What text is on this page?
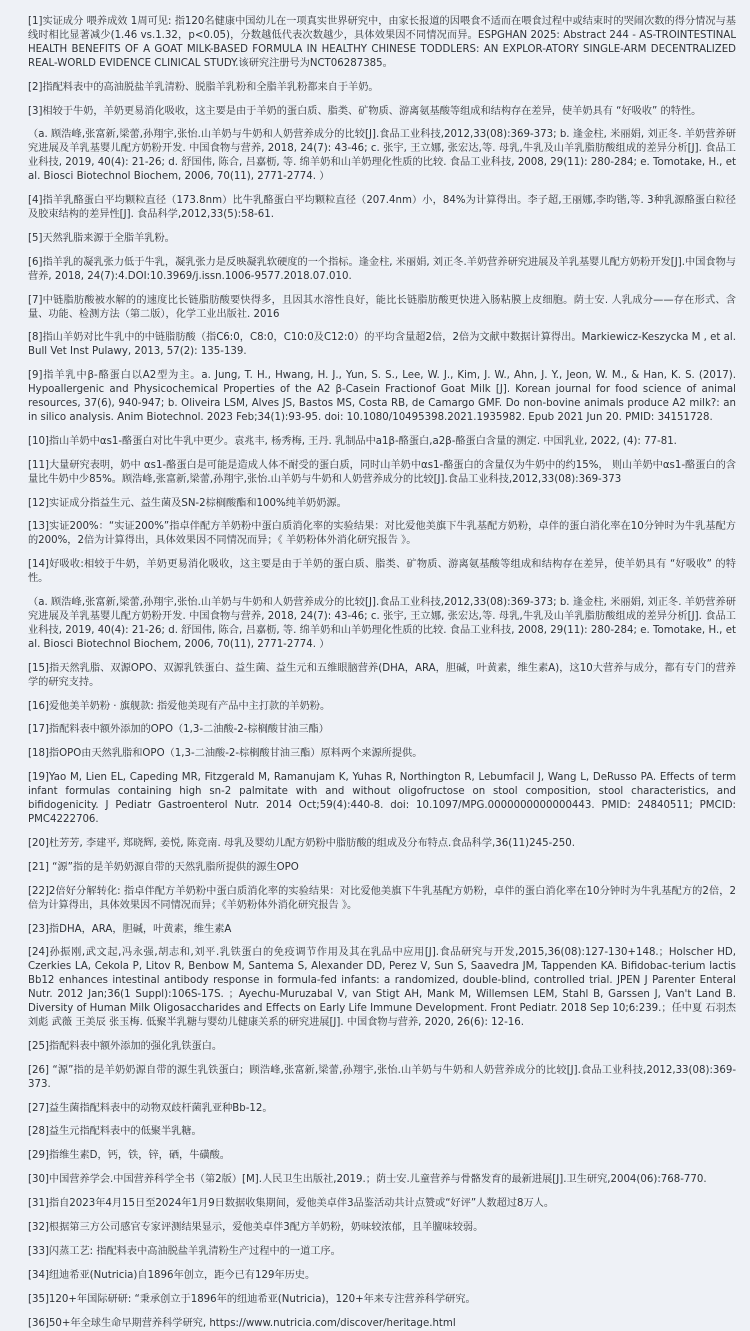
[1]实证成分 喂养成效 1周可见: 指120名健康中国幼儿在一项真实世界研究中，由家长报道的因喂食不适而在喂食过程中或结束时的哭闹次数的得分情况与基线时相比显著减少(1.46 vs.1.32，p<0.05)，分数越低代表次数越少，具体效果因不同情况而异。ESPGHAN 2025: Abstract 244 - AS-TROINTESTINAL HEALTH BENEFITS OF A GOAT MILK-BASED FORMULA IN HEALTHY CHINESE TODDLERS: AN EXPLOR-ATORY SINGLE-ARM DECENTRALIZED REAL-WORLD EVIDENCE CLINICAL STUDY.该研究注册号为NCT06287385。

[2]指配料表中的高油脱盐羊乳清粉、脱脂羊乳粉和全脂羊乳粉都来自于羊奶。

[3]相较于牛奶，羊奶更易消化吸收，这主要是由于羊奶的蛋白质、脂类、矿物质、游离氨基酸等组成和结构存在差异，使羊奶具有 “好吸收” 的特性。

（a. 顾浩峰,张富新,梁蕾,孙翔宇,张怡.山羊奶与牛奶和人奶营养成分的比较[J].食品工业科技,2012,33(08):369-373; b. 逢金柱, 米丽娟, 刘正冬. 羊奶营养研究进展及羊乳基婴儿配方奶粉开发. 中国食物与营养, 2018, 24(7): 43-46; c. 张宇, 王立娜, 张宏达,等. 母乳,牛乳及山羊乳脂肪酸组成的差异分析[J]. 食品工业科技, 2019, 40(4): 21-26; d. 舒国伟, 陈合, 吕嘉枥, 等. 绵羊奶和山羊奶理化性质的比较. 食品工业科技, 2008, 29(11): 280-284; e. Tomotake, H., et al. Biosci Biotechnol Biochem, 2006, 70(11), 2771-2774. ）

[4]指羊乳酪蛋白平均颗粒直径（173.8nm）比牛乳酪蛋白平均颗粒直径（207.4nm）小，84%为计算得出。李子超,王丽娜,李昀锴,等. 3种乳源酪蛋白粒径及胶束结构的差异性[J]. 食品科学,2012,33(5):58-61.

[5]天然乳脂来源于全脂羊乳粉。

[6]指羊乳的凝乳张力低于牛乳，凝乳张力是反映凝乳软硬度的一个指标。逢金柱, 米丽娟, 刘正冬.羊奶营养研究进展及羊乳基婴儿配方奶粉开发[J].中国食物与营养, 2018, 24(7):4.DOI:10.3969/j.issn.1006-9577.2018.07.010.

[7]中链脂肪酸被水解的的速度比长链脂肪酸要快得多，且因其水溶性良好，能比长链脂肪酸更快进入肠粘膜上皮细胞。荫士安. 人乳成分——存在形式、含量、功能、检测方法（第二版），化学工业出版社. 2016

[8]指山羊奶对比牛乳中的中链脂肪酸（指C6:0，C8:0，C10:0及C12:0）的平均含量超2倍，2倍为文献中数据计算得出。Markiewicz-Keszycka M , et al. Bull Vet Inst Pulawy, 2013, 57(2): 135-139.

[9]指羊乳中β-酪蛋白以A2型为主。a. Jung, T. H., Hwang, H. J., Yun, S. S., Lee, W. J., Kim, J. W., Ahn, J. Y., Jeon, W. M., & Han, K. S. (2017). Hypoallergenic and Physicochemical Properties of the A2 β-Casein Fractionof Goat Milk [J]. Korean journal for food science of animal resources, 37(6), 940-947; b. Oliveira LSM, Alves JS, Bastos MS, Costa RB, de Camargo GMF. Do non-bovine animals produce A2 milk?: an in silico analysis. Anim Biotechnol. 2023 Feb;34(1):93-95. doi: 10.1080/10495398.2021.1935982. Epub 2021 Jun 20. PMID: 34151728.

[10]指山羊奶中αs1-酪蛋白对比牛乳中更少。袁兆丰, 杨秀梅, 王丹. 乳制品中a1β-酪蛋白,a2β-酪蛋白含量的测定. 中国乳业, 2022, (4): 77-81.

[11]大量研究表明，奶中 αs1-酪蛋白是可能是造成人体不耐受的蛋白质，同时山羊奶中αs1-酪蛋白的含量仅为牛奶中的约15%， 则山羊奶中αs1-酪蛋白的含量比牛奶中少85%。顾浩峰,张富新,梁蕾,孙翔宇,张怡.山羊奶与牛奶和人奶营养成分的比较[J].食品工业科技,2012,33(08):369-373

[12]实证成分指益生元、益生菌及SN-2棕榈酸酯和100%纯羊奶奶源。

[13]实证200%：“实证200%”指卓伴配方羊奶粉中蛋白质消化率的实验结果：对比爱他美旗下牛乳基配方奶粉，卓伴的蛋白消化率在10分钟时为牛乳基配方的200%，2倍为计算得出，具体效果因不同情况而异；《 羊奶粉体外消化研究报告 》。

[14]好吸收:相较于牛奶，羊奶更易消化吸收，这主要是由于羊奶的蛋白质、脂类、矿物质、游离氨基酸等组成和结构存在差异，使羊奶具有 “好吸收” 的特性。

（a. 顾浩峰,张富新,梁蕾,孙翔宇,张怡.山羊奶与牛奶和人奶营养成分的比较[J].食品工业科技,2012,33(08):369-373; b. 逢金柱, 米丽娟, 刘正冬. 羊奶营养研究进展及羊乳基婴儿配方奶粉开发. 中国食物与营养, 2018, 24(7): 43-46; c. 张宇, 王立娜, 张宏达,等. 母乳,牛乳及山羊乳脂肪酸组成的差异分析[J]. 食品工业科技, 2019, 40(4): 21-26; d. 舒国伟, 陈合, 吕嘉枥, 等. 绵羊奶和山羊奶理化性质的比较. 食品工业科技, 2008, 29(11): 280-284; e. Tomotake, H., et al. Biosci Biotechnol Biochem, 2006, 70(11), 2771-2774. ）

[15]指天然乳脂、双源OPO、双源乳铁蛋白、益生菌、益生元和五维眼脑营养(DHA，ARA，胆碱，叶黄素，维生素A)，这10大营养与成分，都有专门的营养学的研究支持。

[16]爱他美羊奶粉 · 旗舰款: 指爱他美现有产品中主打款的羊奶粉。

[17]指配料表中额外添加的OPO（1,3-二油酸-2-棕榈酸甘油三酯）

[18]指OPO由天然乳脂和OPO（1,3-二油酸-2-棕榈酸甘油三酯）原料两个来源所提供。

[19]Yao M, Lien EL, Capeding MR, Fitzgerald M, Ramanujam K, Yuhas R, Northington R, Lebumfacil J, Wang L, DeRusso PA. Effects of term infant formulas containing high sn-2 palmitate with and without oligofructose on stool composition, stool characteristics, and bifidogenicity. J Pediatr Gastroenterol Nutr. 2014 Oct;59(4):440-8. doi: 10.1097/MPG.0000000000000443. PMID: 24840511; PMCID: PMC4222706.

[20]杜芳芳, 李建平, 郑晓辉, 姜悦, 陈竞南. 母乳及婴幼儿配方奶粉中脂肪酸的组成及分布特点.食品科学,36(11)245-250.

[21] “源”指的是羊奶奶源自带的天然乳脂所提供的源生OPO

[22]2倍好分解转化: 指卓伴配方羊奶粉中蛋白质消化率的实验结果：对比爱他美旗下牛乳基配方奶粉，卓伴的蛋白消化率在10分钟时为牛乳基配方的2倍，2倍为计算得出，具体效果因不同情况而异；《羊奶粉体外消化研究报告 》。

[23]指DHA，ARA，胆碱，叶黄素，维生素A

[24]孙振刚,武文起,冯永强,胡志和,刘平.乳铁蛋白的免疫调节作用及其在乳品中应用[J].食品研究与开发,2015,36(08):127-130+148.；Holscher HD, Czerkies LA, Cekola P, Litov R, Benbow M, Santema S, Alexander DD, Perez V, Sun S, Saavedra JM, Tappenden KA. Bifidobac-terium lactis Bb12 enhances intestinal antibody response in formula-fed infants: a randomized, double-blind, controlled trial. JPEN J Parenter Enteral Nutr. 2012 Jan;36(1 Suppl):106S-17S. ；Ayechu-Muruzabal V, van Stigt AH, Mank M, Willemsen LEM, Stahl B, Garssen J, Van't Land B. Diversity of Human Milk Oligosaccharides and Effects on Early Life Immune Development. Front Pediatr. 2018 Sep 10;6:239.；任中夏 石羽杰 刘彪 武薇 王美辰 张玉梅. 低聚半乳糖与婴幼儿健康关系的研究进展[J]. 中国食物与营养, 2020, 26(6): 12-16.

[25]指配料表中额外添加的强化乳铁蛋白。

[26] “源”指的是羊奶奶源自带的源生乳铁蛋白；顾浩峰,张富新,梁蕾,孙翔宇,张怡.山羊奶与牛奶和人奶营养成分的比较[J].食品工业科技,2012,33(08):369-373.

[27]益生菌指配料表中的动物双歧杆菌乳亚种Bb-12。

[28]益生元指配料表中的低聚半乳糖。

[29]指维生素D，钙，铁，锌，硒，牛磺酸。

[30]中国营养学会.中国营养科学全书（第2版）[M].人民卫生出版社,2019.；荫士安.儿童营养与骨骼发育的最新进展[J].卫生研究,2004(06):768-770.

[31]指自2023年4月15日至2024年1月9日数据收集期间，爱他美卓伴3品鉴活动共计点赞或“好评”人数超过8万人。

[32]根据第三方公司感官专家评测结果显示，爱他美卓伴3配方羊奶粉，奶味较浓郁，且羊膻味较弱。

[33]闪蒸工艺: 指配料表中高油脱盐羊乳清粉生产过程中的一道工序。

[34]纽迪希亚(Nutricia)自1896年创立，距今已有129年历史。

[35]120+年国际研研: “秉承创立于1896年的纽迪希亚(Nutricia)，120+年来专注营养科学研究。

[36]50+年全球生命早期营养科学研究, https://www.nutricia.com/discover/heritage.html
